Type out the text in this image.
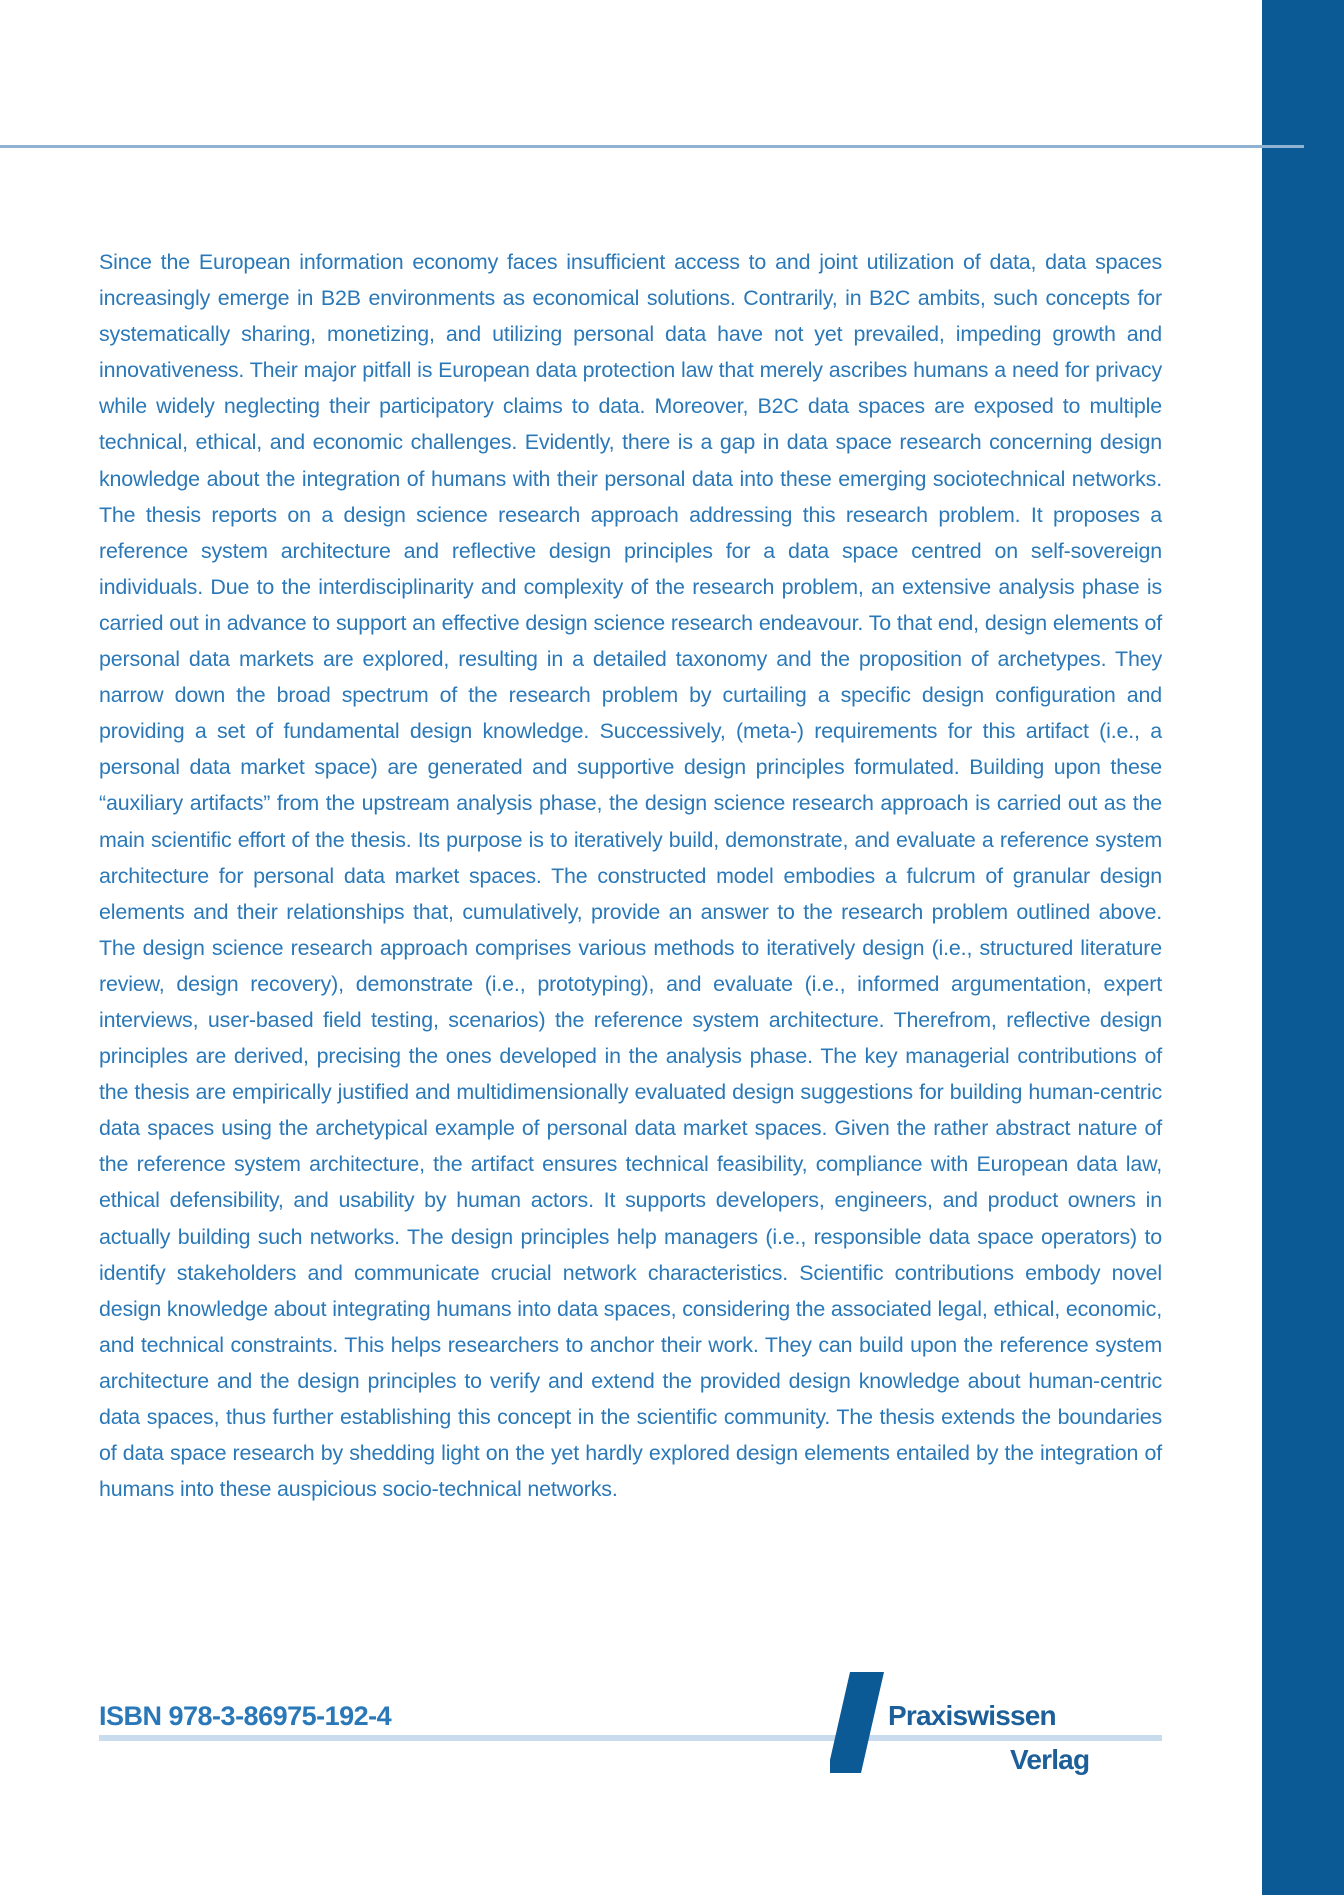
Since the European information economy faces insufficient access to and joint utilization of data, data spaces increasingly emerge in B2B environments as economical solutions. Contrarily, in B2C ambits, such concepts for systematically sharing, monetizing, and utilizing personal data have not yet prevailed, impeding growth and innovativeness. Their major pitfall is European data protection law that merely ascribes humans a need for privacy while widely neglecting their participatory claims to data. Moreover, B2C data spaces are exposed to multiple technical, ethical, and economic challenges. Evidently, there is a gap in data space research concerning design knowledge about the integration of humans with their personal data into these emerging sociotechnical networks. The thesis reports on a design science research approach addressing this research problem. It proposes a reference system architecture and reflective design principles for a data space centred on self-sovereign individuals. Due to the interdisciplinarity and complexity of the research problem, an extensive analysis phase is carried out in advance to support an effective design science research endeavour. To that end, design elements of personal data markets are explored, resulting in a detailed taxonomy and the proposition of archetypes. They narrow down the broad spectrum of the research problem by curtailing a specific design configuration and providing a set of fundamental design knowledge. Successively, (meta-) requirements for this artifact (i.e., a personal data market space) are generated and supportive design principles formulated. Building upon these “auxiliary artifacts” from the upstream analysis phase, the design science research approach is carried out as the main scientific effort of the thesis. Its purpose is to iteratively build, demonstrate, and evaluate a reference system architecture for personal data market spaces. The constructed model embodies a fulcrum of granular design elements and their relationships that, cumulatively, provide an answer to the research problem outlined above. The design science research approach comprises various methods to iteratively design (i.e., structured literature review, design recovery), demonstrate (i.e., prototyping), and evaluate (i.e., informed argumentation, expert interviews, user-based field testing, scenarios) the reference system architecture. Therefrom, reflective design principles are derived, precising the ones developed in the analysis phase. The key managerial contributions of the thesis are empirically justified and multidimensionally evaluated design suggestions for building human-centric data spaces using the archetypical example of personal data market spaces. Given the rather abstract nature of the reference system architecture, the artifact ensures technical feasibility, compliance with European data law, ethical defensibility, and usability by human actors. It supports developers, engineers, and product owners in actually building such networks. The design principles help managers (i.e., responsible data space operators) to identify stakeholders and communicate crucial network characteristics. Scientific contributions embody novel design knowledge about integrating humans into data spaces, considering the associated legal, ethical, economic, and technical constraints. This helps researchers to anchor their work. They can build upon the reference system architecture and the design principles to verify and extend the provided design knowledge about human-centric data spaces, thus further establishing this concept in the scientific community. The thesis extends the boundaries of data space research by shedding light on the yet hardly explored design elements entailed by the integration of humans into these auspicious socio-technical networks.

ISBN 978-3-86975-192-4	Praxiswissen
Verlag
